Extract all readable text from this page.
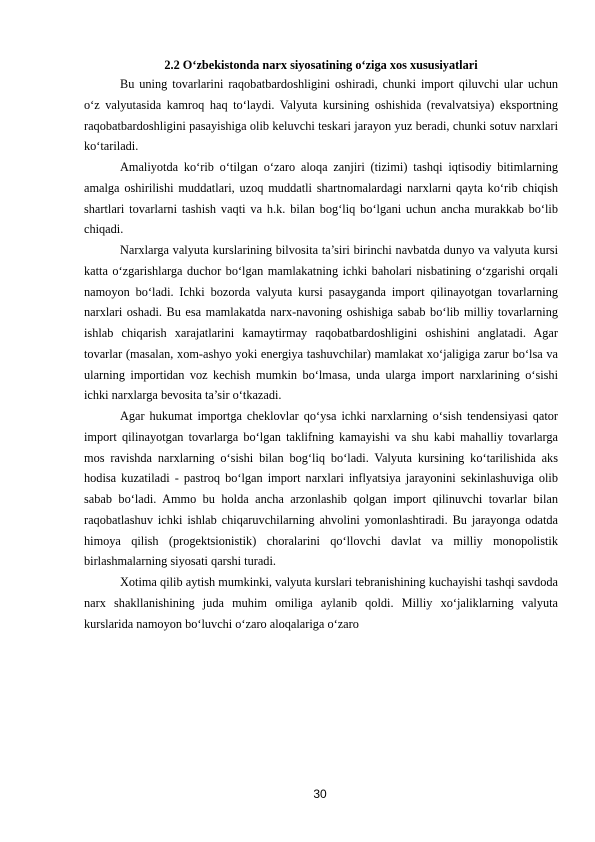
2.2 O‘zbekistonda narx siyosatining o‘ziga xos xususiyatlari

Bu uning tovarlarini raqobatbardoshligini oshiradi, chunki import qiluvchi ular uchun o‘z valyutasida kamroq haq to‘laydi. Valyuta kursining oshishida (revalvatsiya) eksportning raqobatbardoshligini pasayishiga olib keluvchi teskari jarayon yuz beradi, chunki sotuv narxlari ko‘tariladi.

Amaliyotda ko‘rib o‘tilgan o‘zaro aloqa zanjiri (tizimi) tashqi iqtisodiy bitimlarning amalga oshirilishi muddatlari, uzoq muddatli shartnomalardagi narxlarni qayta ko‘rib chiqish shartlari tovarlarni tashish vaqti va h.k. bilan bog‘liq bo‘lgani uchun ancha murakkab bo‘lib chiqadi.

Narxlarga valyuta kurslarining bilvosita ta’siri birinchi navbatda dunyo va valyuta kursi katta o‘zgarishlarga duchor bo‘lgan mamlakatning ichki baholari nisbatining o‘zgarishi orqali namoyon bo‘ladi. Ichki bozorda valyuta kursi pasayganda import qilinayotgan tovarlarning narxlari oshadi. Bu esa mamlakatda narx-navoning oshishiga sabab bo‘lib milliy tovarlarning ishlab chiqarish xarajatlarini kamaytirmay raqobatbardoshligini oshishini anglatadi. Agar tovarlar (masalan, xom-ashyo yoki energiya tashuvchilar) mamlakat xo‘jaligiga zarur bo‘lsa va ularning importidan voz kechish mumkin bo‘lmasa, unda ularga import narxlarining o‘sishi ichki narxlarga bevosita ta’sir o‘tkazadi.

Agar hukumat importga cheklovlar qo‘ysa ichki narxlarning o‘sish tendensiyasi qator import qilinayotgan tovarlarga bo‘lgan taklifning kamayishi va shu kabi mahalliy tovarlarga mos ravishda narxlarning o‘sishi bilan bog‘liq bo‘ladi. Valyuta kursining ko‘tarilishida aks hodisa kuzatiladi - pastroq bo‘lgan import narxlari inflyatsiya jarayonini sekinlashuviga olib sabab bo‘ladi. Ammo bu holda ancha arzonlashib qolgan import qilinuvchi tovarlar bilan raqobatlashuv ichki ishlab chiqaruvchilarning ahvolini yomonlashtiradi. Bu jarayonga odatda himoya qilish (progektsionistik) choralarini qo‘llovchi davlat va milliy monopolistik birlashmalarning siyosati qarshi turadi.

Xotima qilib aytish mumkinki, valyuta kurslari tebranishining kuchayishi tashqi savdoda narx shakllanishining juda muhim omiliga aylanib qoldi. Milliy xo‘jaliklarning valyuta kurslarida namoyon bo‘luvchi o‘zaro aloqalariga o‘zaro

30
